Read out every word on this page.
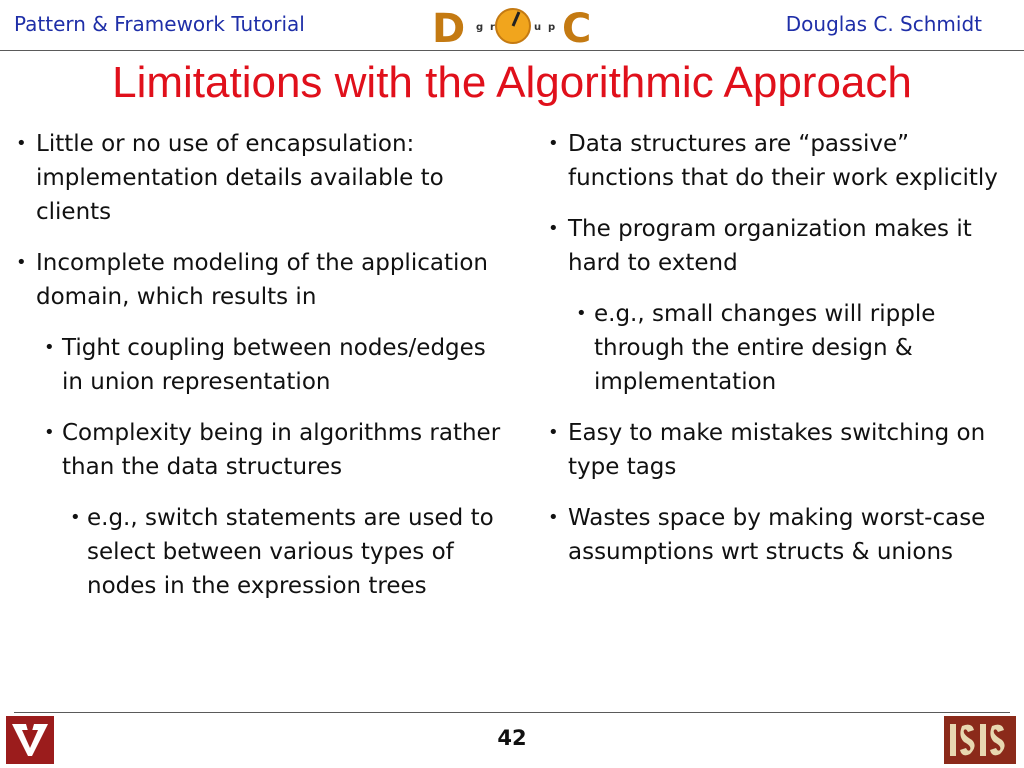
Pattern & Framework Tutorial	D g r	u p C	Douglas C. Schmidt
Limitations with the Algorithmic Approach
• Little or no use of encapsulation: implementation details available to clients
• Incomplete modeling of the application domain, which results in
• Tight coupling between nodes/edges in union representation
• Complexity being in algorithms rather than the data structures
• e.g., switch statements are used to select between various types of nodes in the expression trees
• Data structures are “passive” functions that do their work explicitly
• The program organization makes it hard to extend
• e.g., small changes will ripple through the entire design & implementation
• Easy to make mistakes switching on type tags
• Wastes space by making worst-case assumptions wrt structs & unions
42
